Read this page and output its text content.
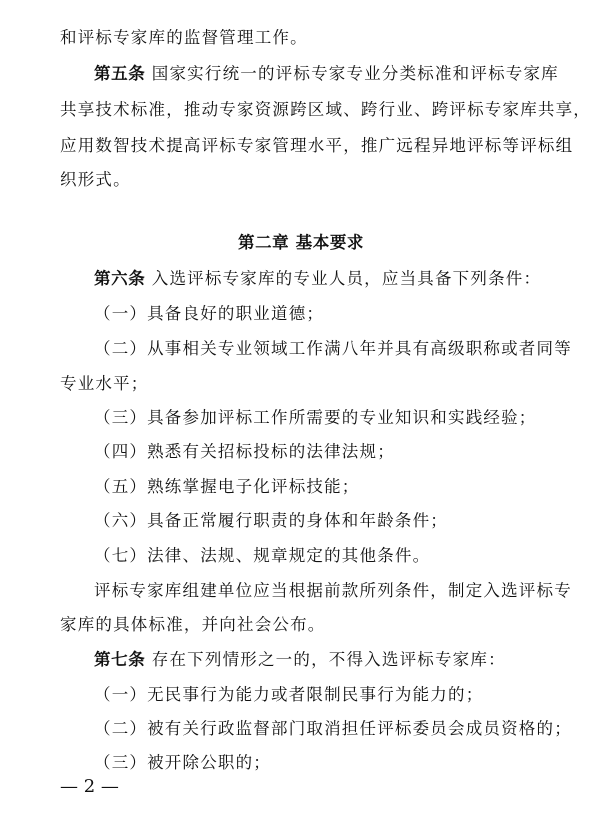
和评标专家库的监督管理工作。
第五条 国家实行统一的评标专家专业分类标准和评标专家库
共享技术标准，推动专家资源跨区域、跨行业、跨评标专家库共享，
应用数智技术提高评标专家管理水平，推广远程异地评标等评标组
织形式。
第二章 基本要求
第六条 入选评标专家库的专业人员，应当具备下列条件：
（一）具备良好的职业道德；
（二）从事相关专业领域工作满八年并具有高级职称或者同等
专业水平；
（三）具备参加评标工作所需要的专业知识和实践经验；
（四）熟悉有关招标投标的法律法规；
（五）熟练掌握电子化评标技能；
（六）具备正常履行职责的身体和年龄条件；
（七）法律、法规、规章规定的其他条件。
评标专家库组建单位应当根据前款所列条件，制定入选评标专
家库的具体标准，并向社会公布。
第七条 存在下列情形之一的，不得入选评标专家库：
（一）无民事行为能力或者限制民事行为能力的；
（二）被有关行政监督部门取消担任评标委员会成员资格的；
（三）被开除公职的；
— 2 —
